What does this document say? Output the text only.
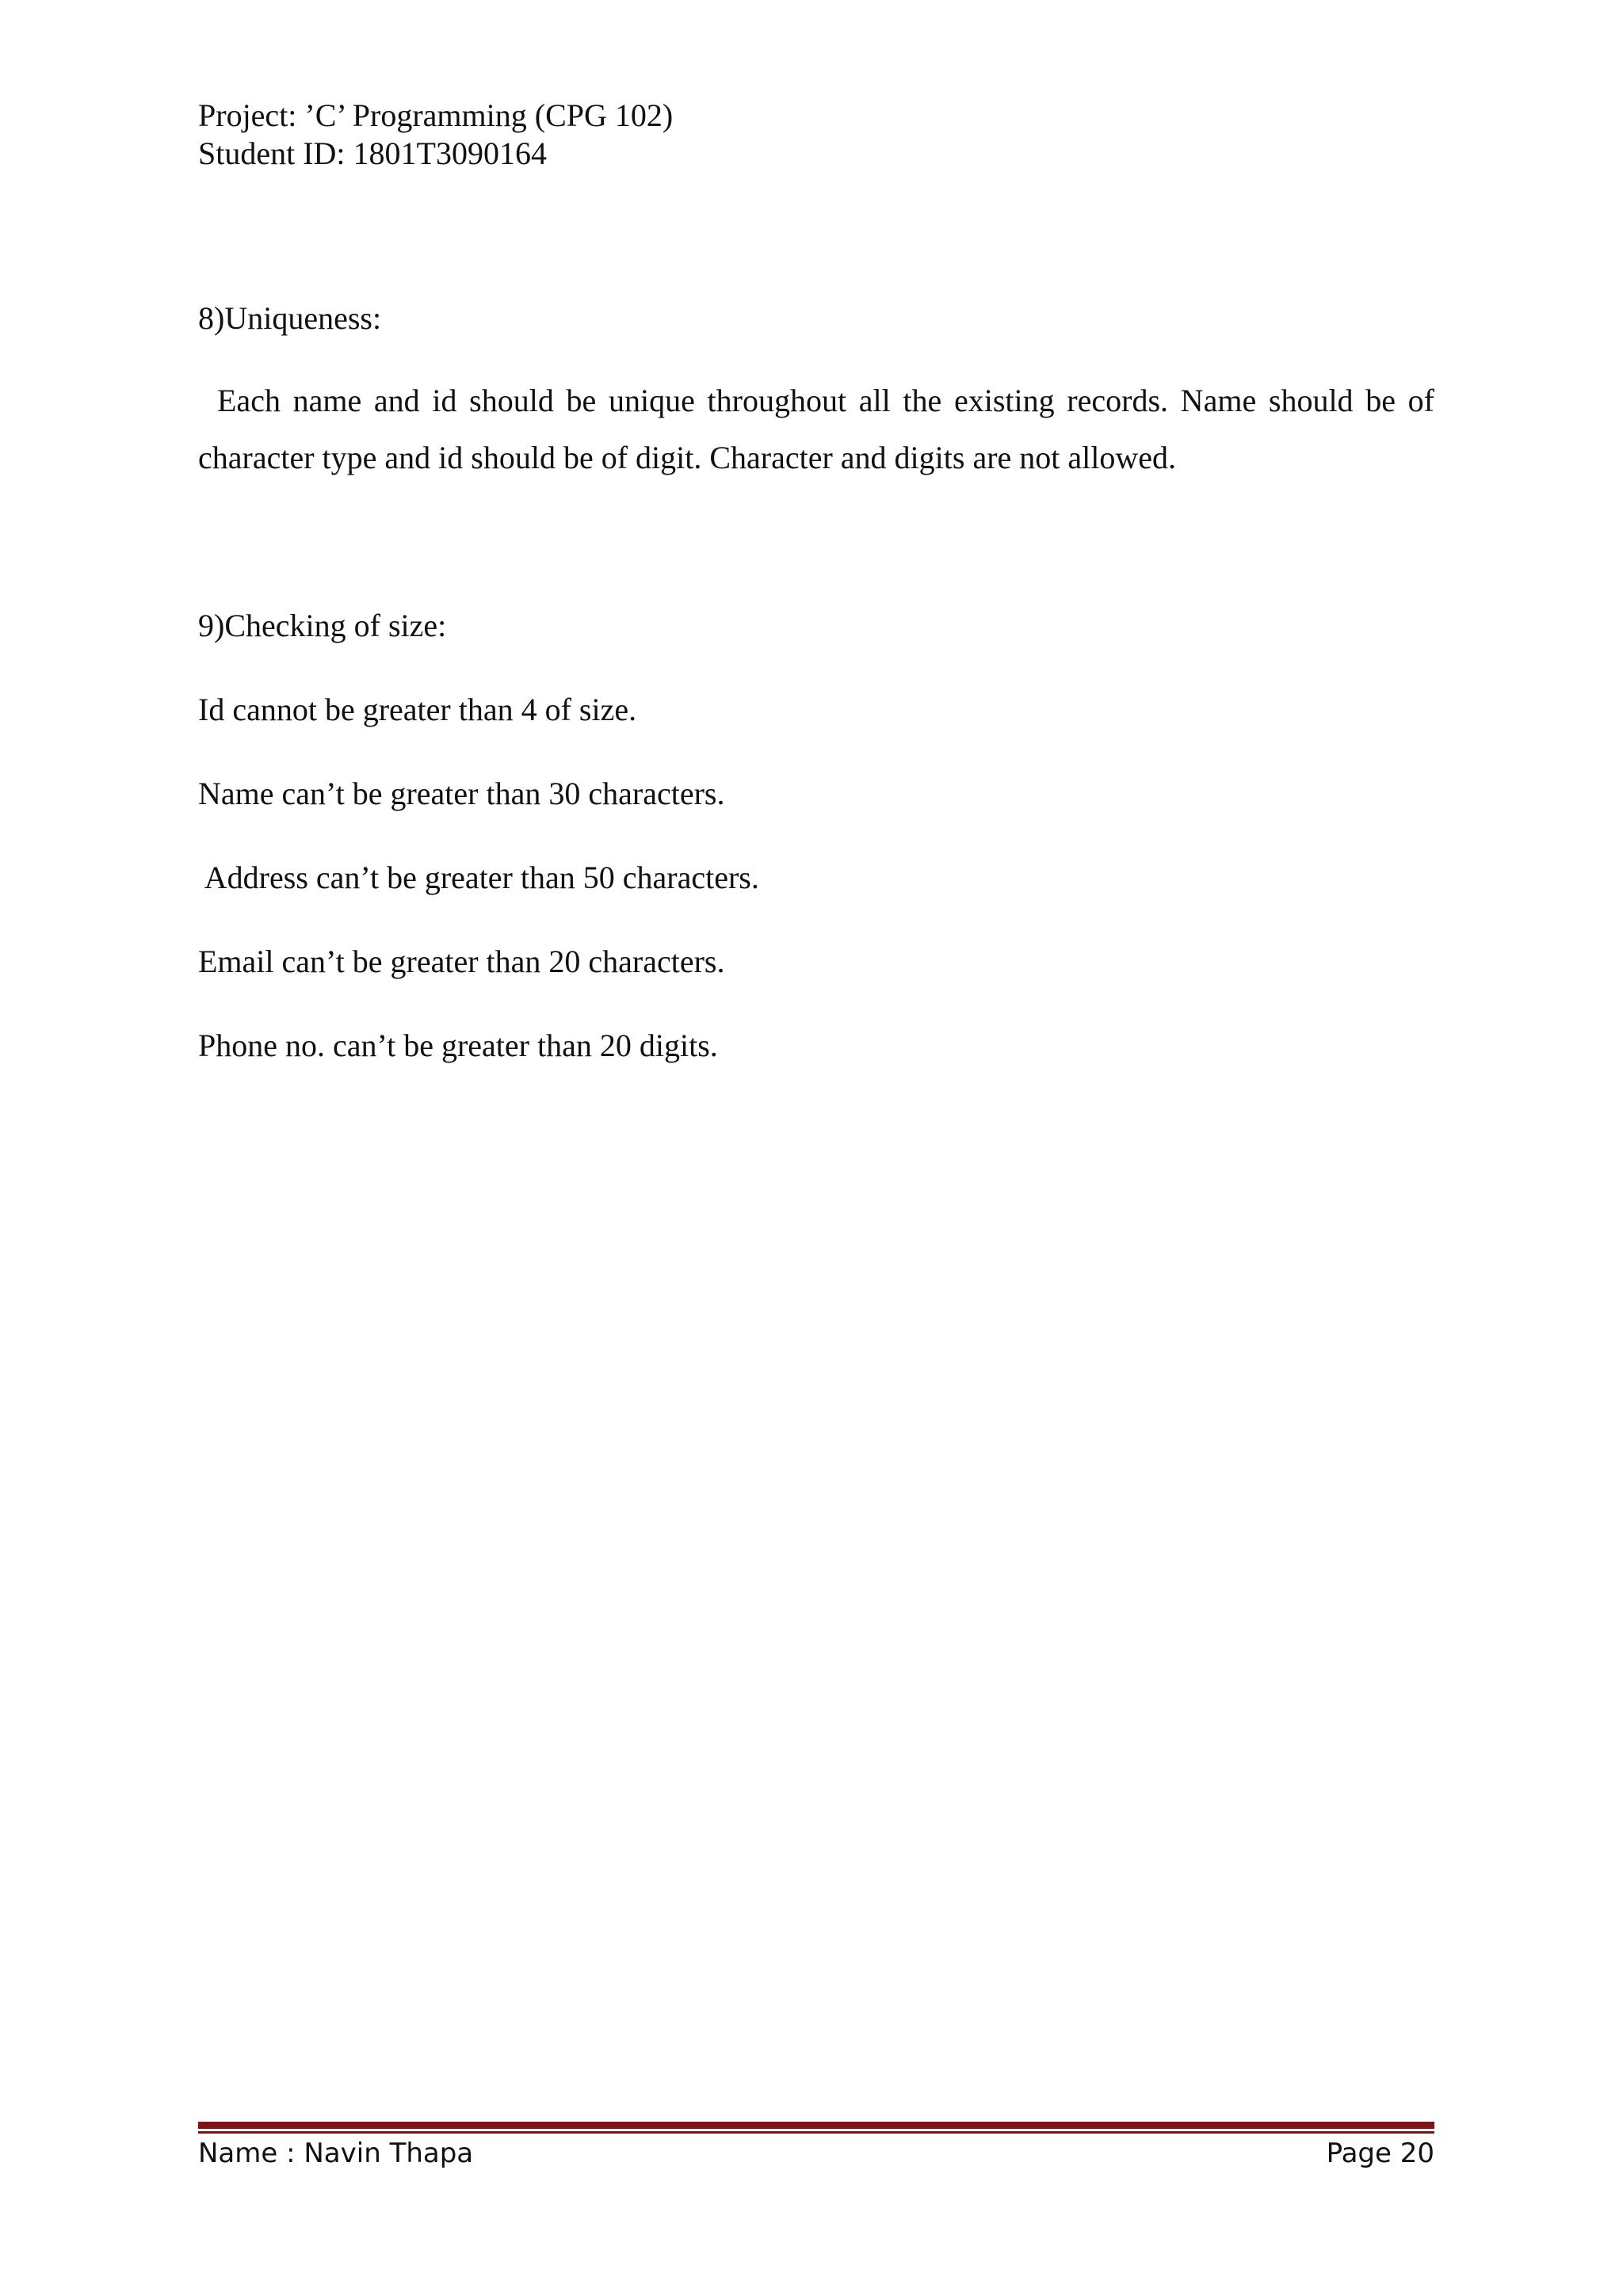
Project: ’C’ Programming (CPG 102)
Student ID: 1801T3090164
8)Uniqueness:
Each name and id should be unique throughout all the existing records. Name should be of character type and id should be of digit. Character and digits are not allowed.
9)Checking of size:
Id cannot be greater than 4 of size.
Name can’t be greater than 30 characters.
Address can’t be greater than 50 characters.
Email can’t be greater than 20 characters.
Phone no. can’t be greater than 20 digits.
Name : Navin Thapa	Page 20
